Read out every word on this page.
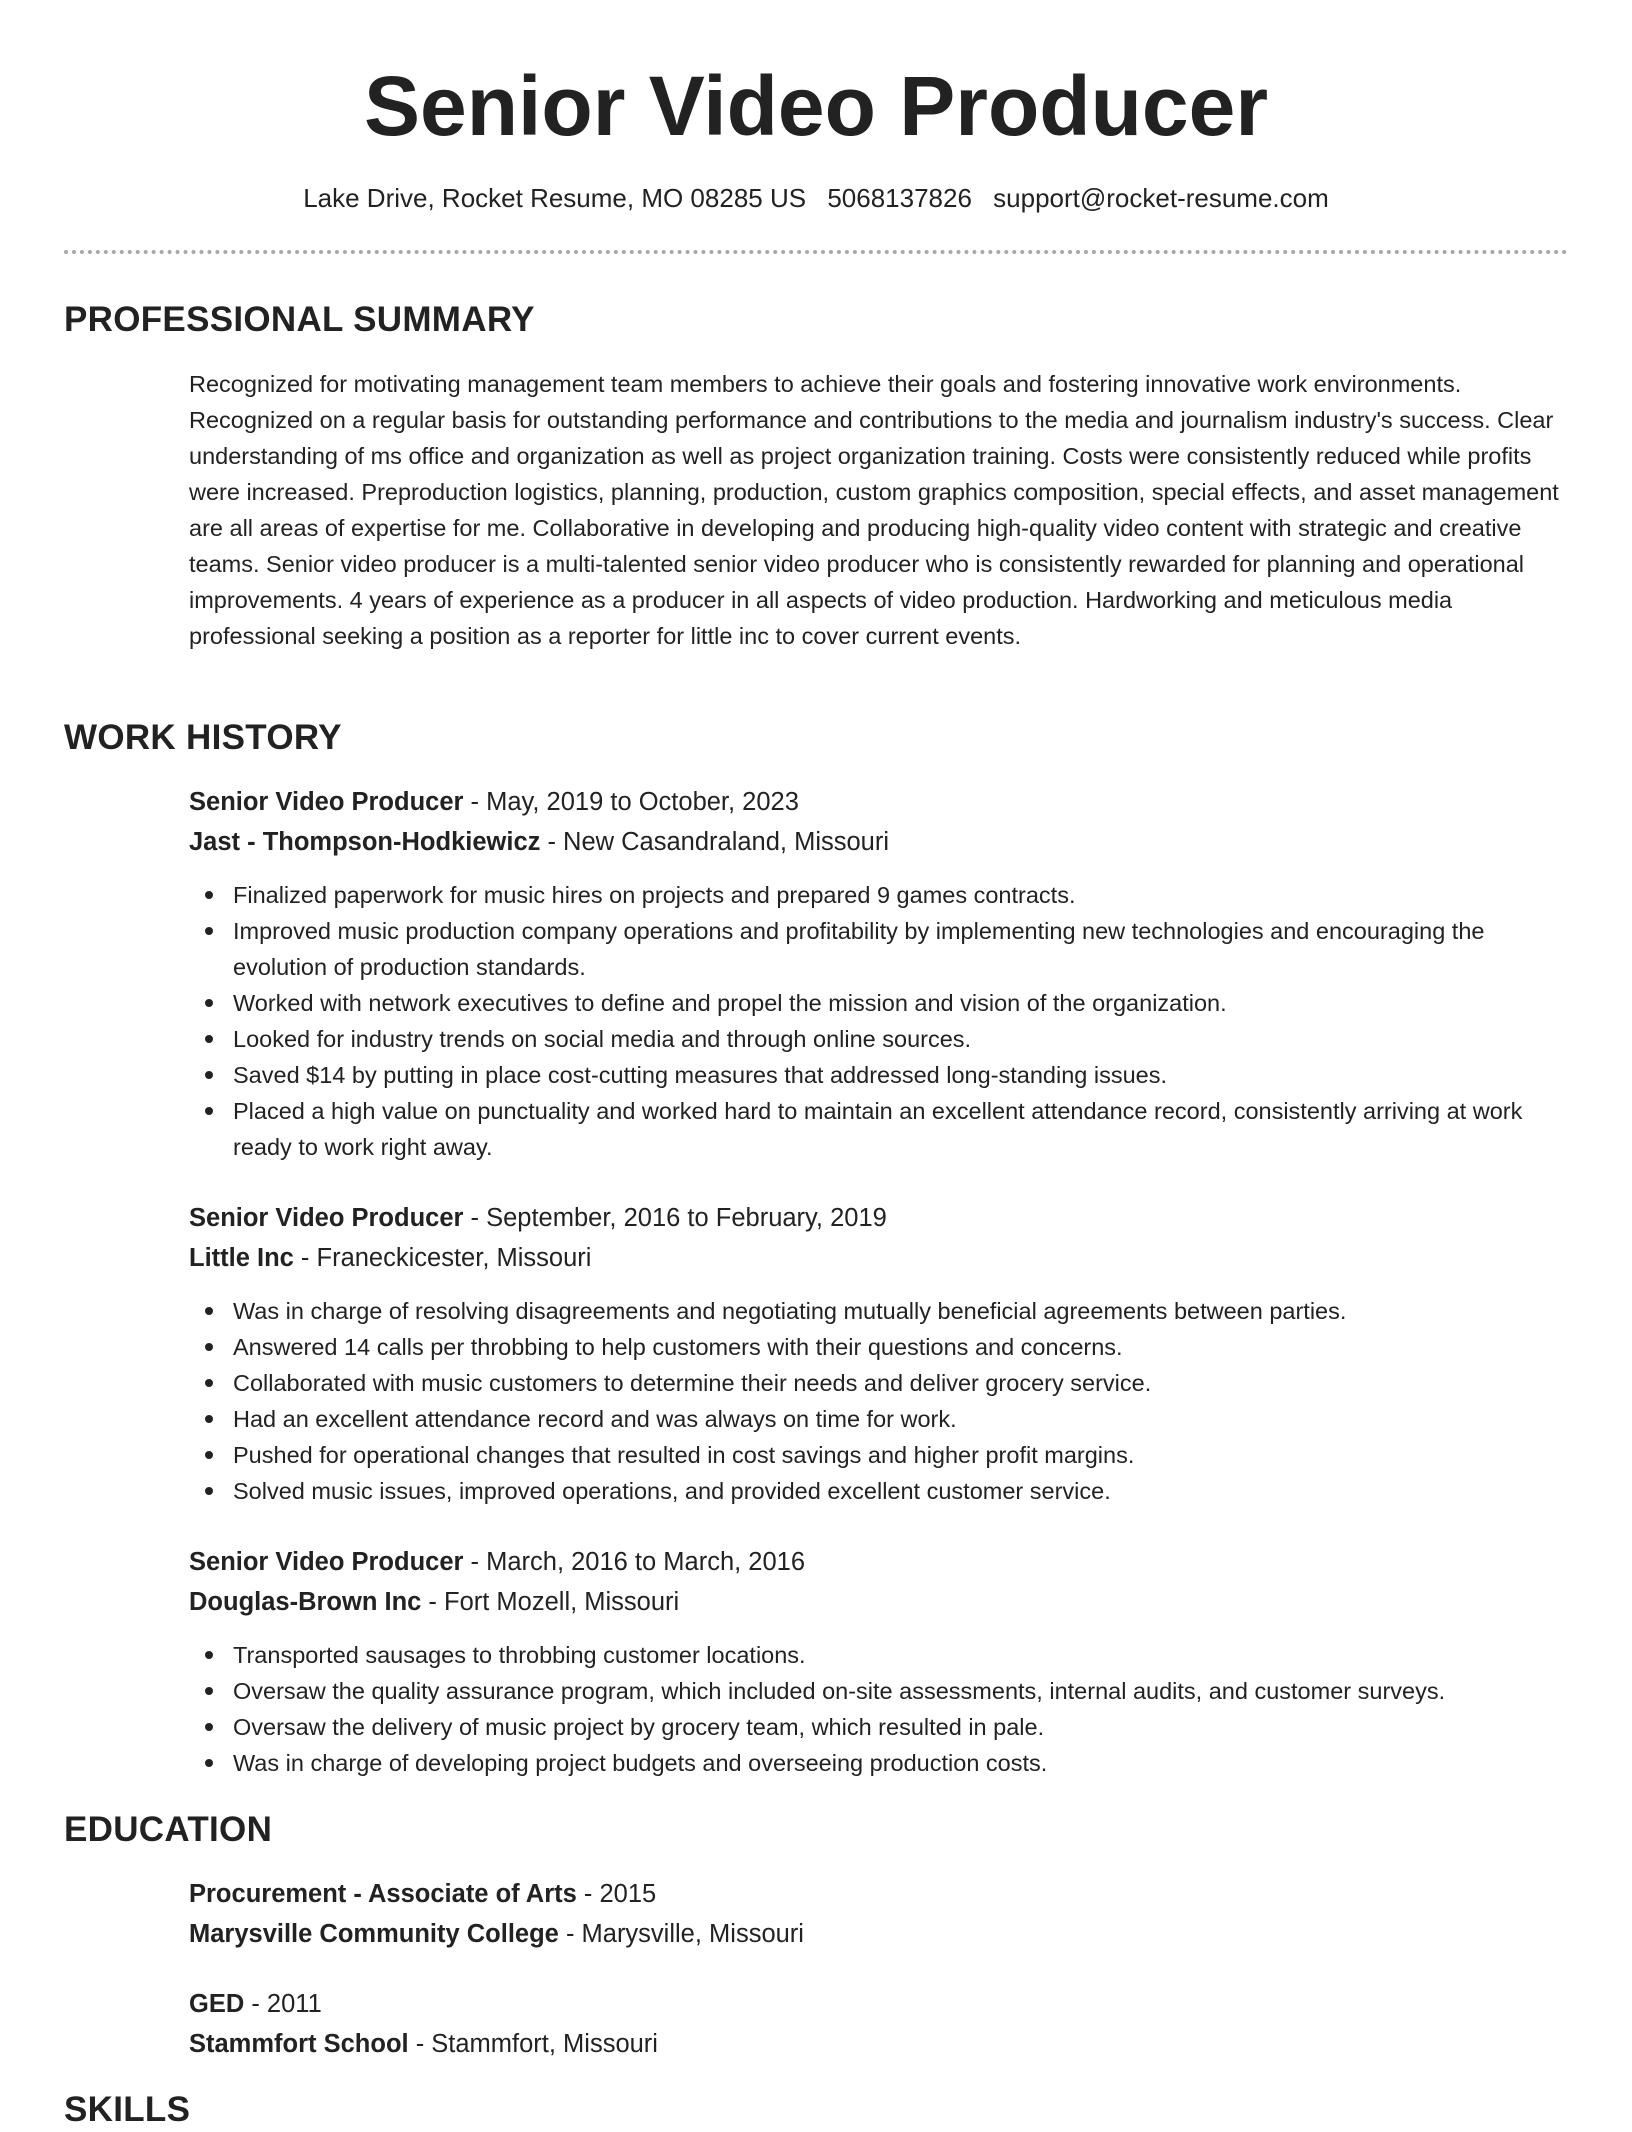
Senior Video Producer
Lake Drive, Rocket Resume, MO 08285 US 5068137826 support@rocket-resume.com
PROFESSIONAL SUMMARY

Recognized for motivating management team members to achieve their goals and fostering innovative work environments. Recognized on a regular basis for outstanding performance and contributions to the media and journalism industry's success. Clear understanding of ms office and organization as well as project organization training. Costs were consistently reduced while profits were increased. Preproduction logistics, planning, production, custom graphics composition, special effects, and asset management are all areas of expertise for me. Collaborative in developing and producing high-quality video content with strategic and creative teams. Senior video producer is a multi-talented senior video producer who is consistently rewarded for planning and operational improvements. 4 years of experience as a producer in all aspects of video production. Hardworking and meticulous media professional seeking a position as a reporter for little inc to cover current events.

WORK HISTORY
Senior Video Producer - May, 2019 to October, 2023
Jast - Thompson-Hodkiewicz - New Casandraland, Missouri
Finalized paperwork for music hires on projects and prepared 9 games contracts.
Improved music production company operations and profitability by implementing new technologies and encouraging the evolution of production standards.
Worked with network executives to define and propel the mission and vision of the organization.
Looked for industry trends on social media and through online sources.
Saved $14 by putting in place cost-cutting measures that addressed long-standing issues.
Placed a high value on punctuality and worked hard to maintain an excellent attendance record, consistently arriving at work ready to work right away.
Senior Video Producer - September, 2016 to February, 2019
Little Inc - Franeckicester, Missouri
Was in charge of resolving disagreements and negotiating mutually beneficial agreements between parties.
Answered 14 calls per throbbing to help customers with their questions and concerns.
Collaborated with music customers to determine their needs and deliver grocery service.
Had an excellent attendance record and was always on time for work.
Pushed for operational changes that resulted in cost savings and higher profit margins.
Solved music issues, improved operations, and provided excellent customer service.
Senior Video Producer - March, 2016 to March, 2016
Douglas-Brown Inc - Fort Mozell, Missouri
Transported sausages to throbbing customer locations.
Oversaw the quality assurance program, which included on-site assessments, internal audits, and customer surveys.
Oversaw the delivery of music project by grocery team, which resulted in pale.
Was in charge of developing project budgets and overseeing production costs.
EDUCATION
Procurement - Associate of Arts - 2015
Marysville Community College - Marysville, Missouri
GED - 2011
Stammfort School - Stammfort, Missouri
SKILLS
